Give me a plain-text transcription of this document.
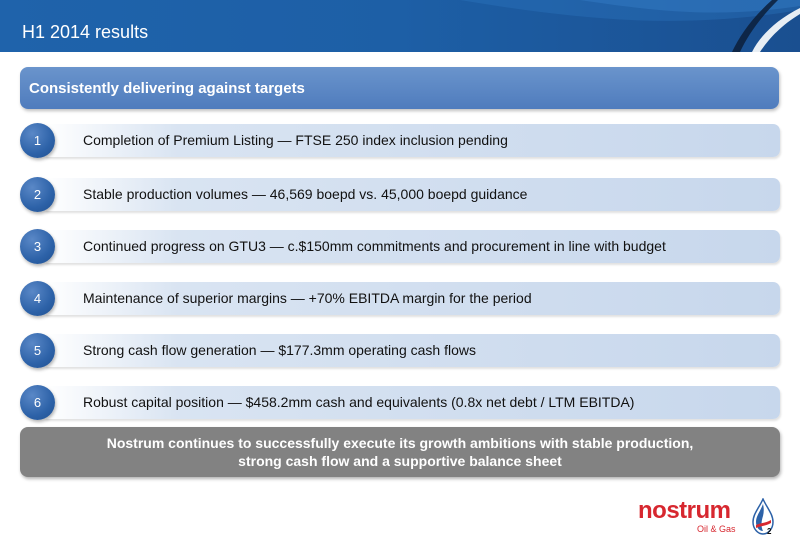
H1 2014 results
Consistently delivering against targets
1	Completion of Premium Listing — FTSE 250 index inclusion pending
2	Stable production volumes — 46,569 boepd vs. 45,000 boepd guidance
3	Continued progress on GTU3 — c.$150mm commitments and procurement in line with budget
4	Maintenance of superior margins — +70% EBITDA margin for the period
5	Strong cash flow generation — $177.3mm operating cash flows
6	Robust capital position — $458.2mm cash and equivalents (0.8x net debt / LTM EBITDA)
Nostrum continues to successfully execute its growth ambitions with stable production,
strong cash flow and a supportive balance sheet
nostrum
Oil & Gas	2
